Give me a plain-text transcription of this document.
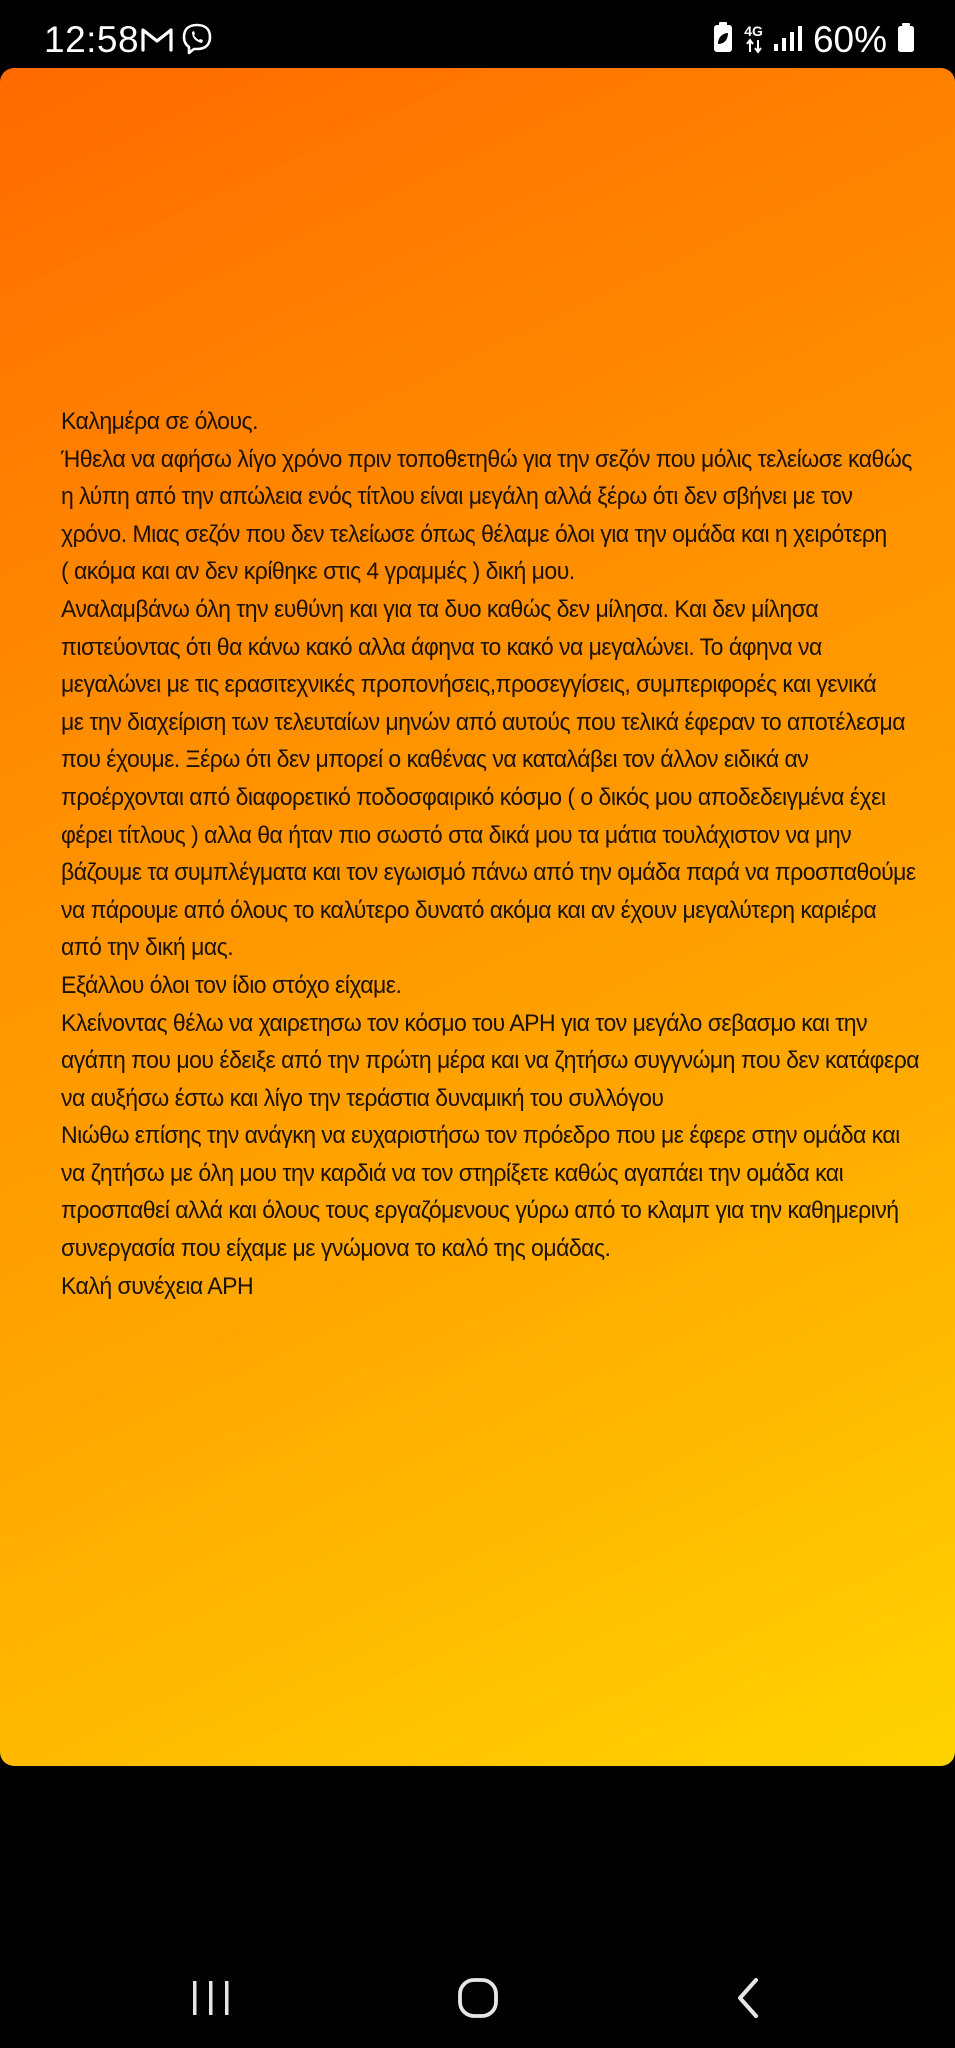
12:58	4G 60%

Καλημέρα σε όλους.

Ήθελα να αφήσω λίγο χρόνο πριν τοποθετηθώ για την σεζόν που μόλις τελείωσε καθώς

η λύπη από την απώλεια ενός τίτλου είναι μεγάλη αλλά ξέρω ότι δεν σβήνει με τον

χρόνο. Μιας σεζόν που δεν τελείωσε όπως θέλαμε όλοι για την ομάδα και η χειρότερη

( ακόμα και αν δεν κρίθηκε στις 4 γραμμές ) δική μου.

Αναλαμβάνω όλη την ευθύνη και για τα δυο καθώς δεν μίλησα. Και δεν μίλησα

πιστεύοντας ότι θα κάνω κακό αλλα άφηνα το κακό να μεγαλώνει. Το άφηνα να

μεγαλώνει με τις ερασιτεχνικές προπονήσεις,προσεγγίσεις, συμπεριφορές και γενικά

με την διαχείριση των τελευταίων μηνών από αυτούς που τελικά έφεραν το αποτέλεσμα

που έχουμε. Ξέρω ότι δεν μπορεί ο καθένας να καταλάβει τον άλλον ειδικά αν

προέρχονται από διαφορετικό ποδοσφαιρικό κόσμο ( ο δικός μου αποδεδειγμένα έχει

φέρει τίτλους ) αλλα θα ήταν πιο σωστό στα δικά μου τα μάτια τουλάχιστον να μην

βάζουμε τα συμπλέγματα και τον εγωισμό πάνω από την ομάδα παρά να προσπαθούμε

να πάρουμε από όλους το καλύτερο δυνατό ακόμα και αν έχουν μεγαλύτερη καριέρα

από την δική μας.

Εξάλλου όλοι τον ίδιο στόχο είχαμε.

Κλείνοντας θέλω να χαιρετησω τον κόσμο του ΑΡΗ για τον μεγάλο σεβασμο και την

αγάπη που μου έδειξε από την πρώτη μέρα και να ζητήσω συγγνώμη που δεν κατάφερα

να αυξήσω έστω και λίγο την τεράστια δυναμική του συλλόγου

Νιώθω επίσης την ανάγκη να ευχαριστήσω τον πρόεδρο που με έφερε στην ομάδα και

να ζητήσω με όλη μου την καρδιά να τον στηρίξετε καθώς αγαπάει την ομάδα και

προσπαθεί αλλά και όλους τους εργαζόμενους γύρω από το κλαμπ για την καθημερινή

συνεργασία που είχαμε με γνώμονα το καλό της ομάδας.

Καλή συνέχεια ΑΡΗ
